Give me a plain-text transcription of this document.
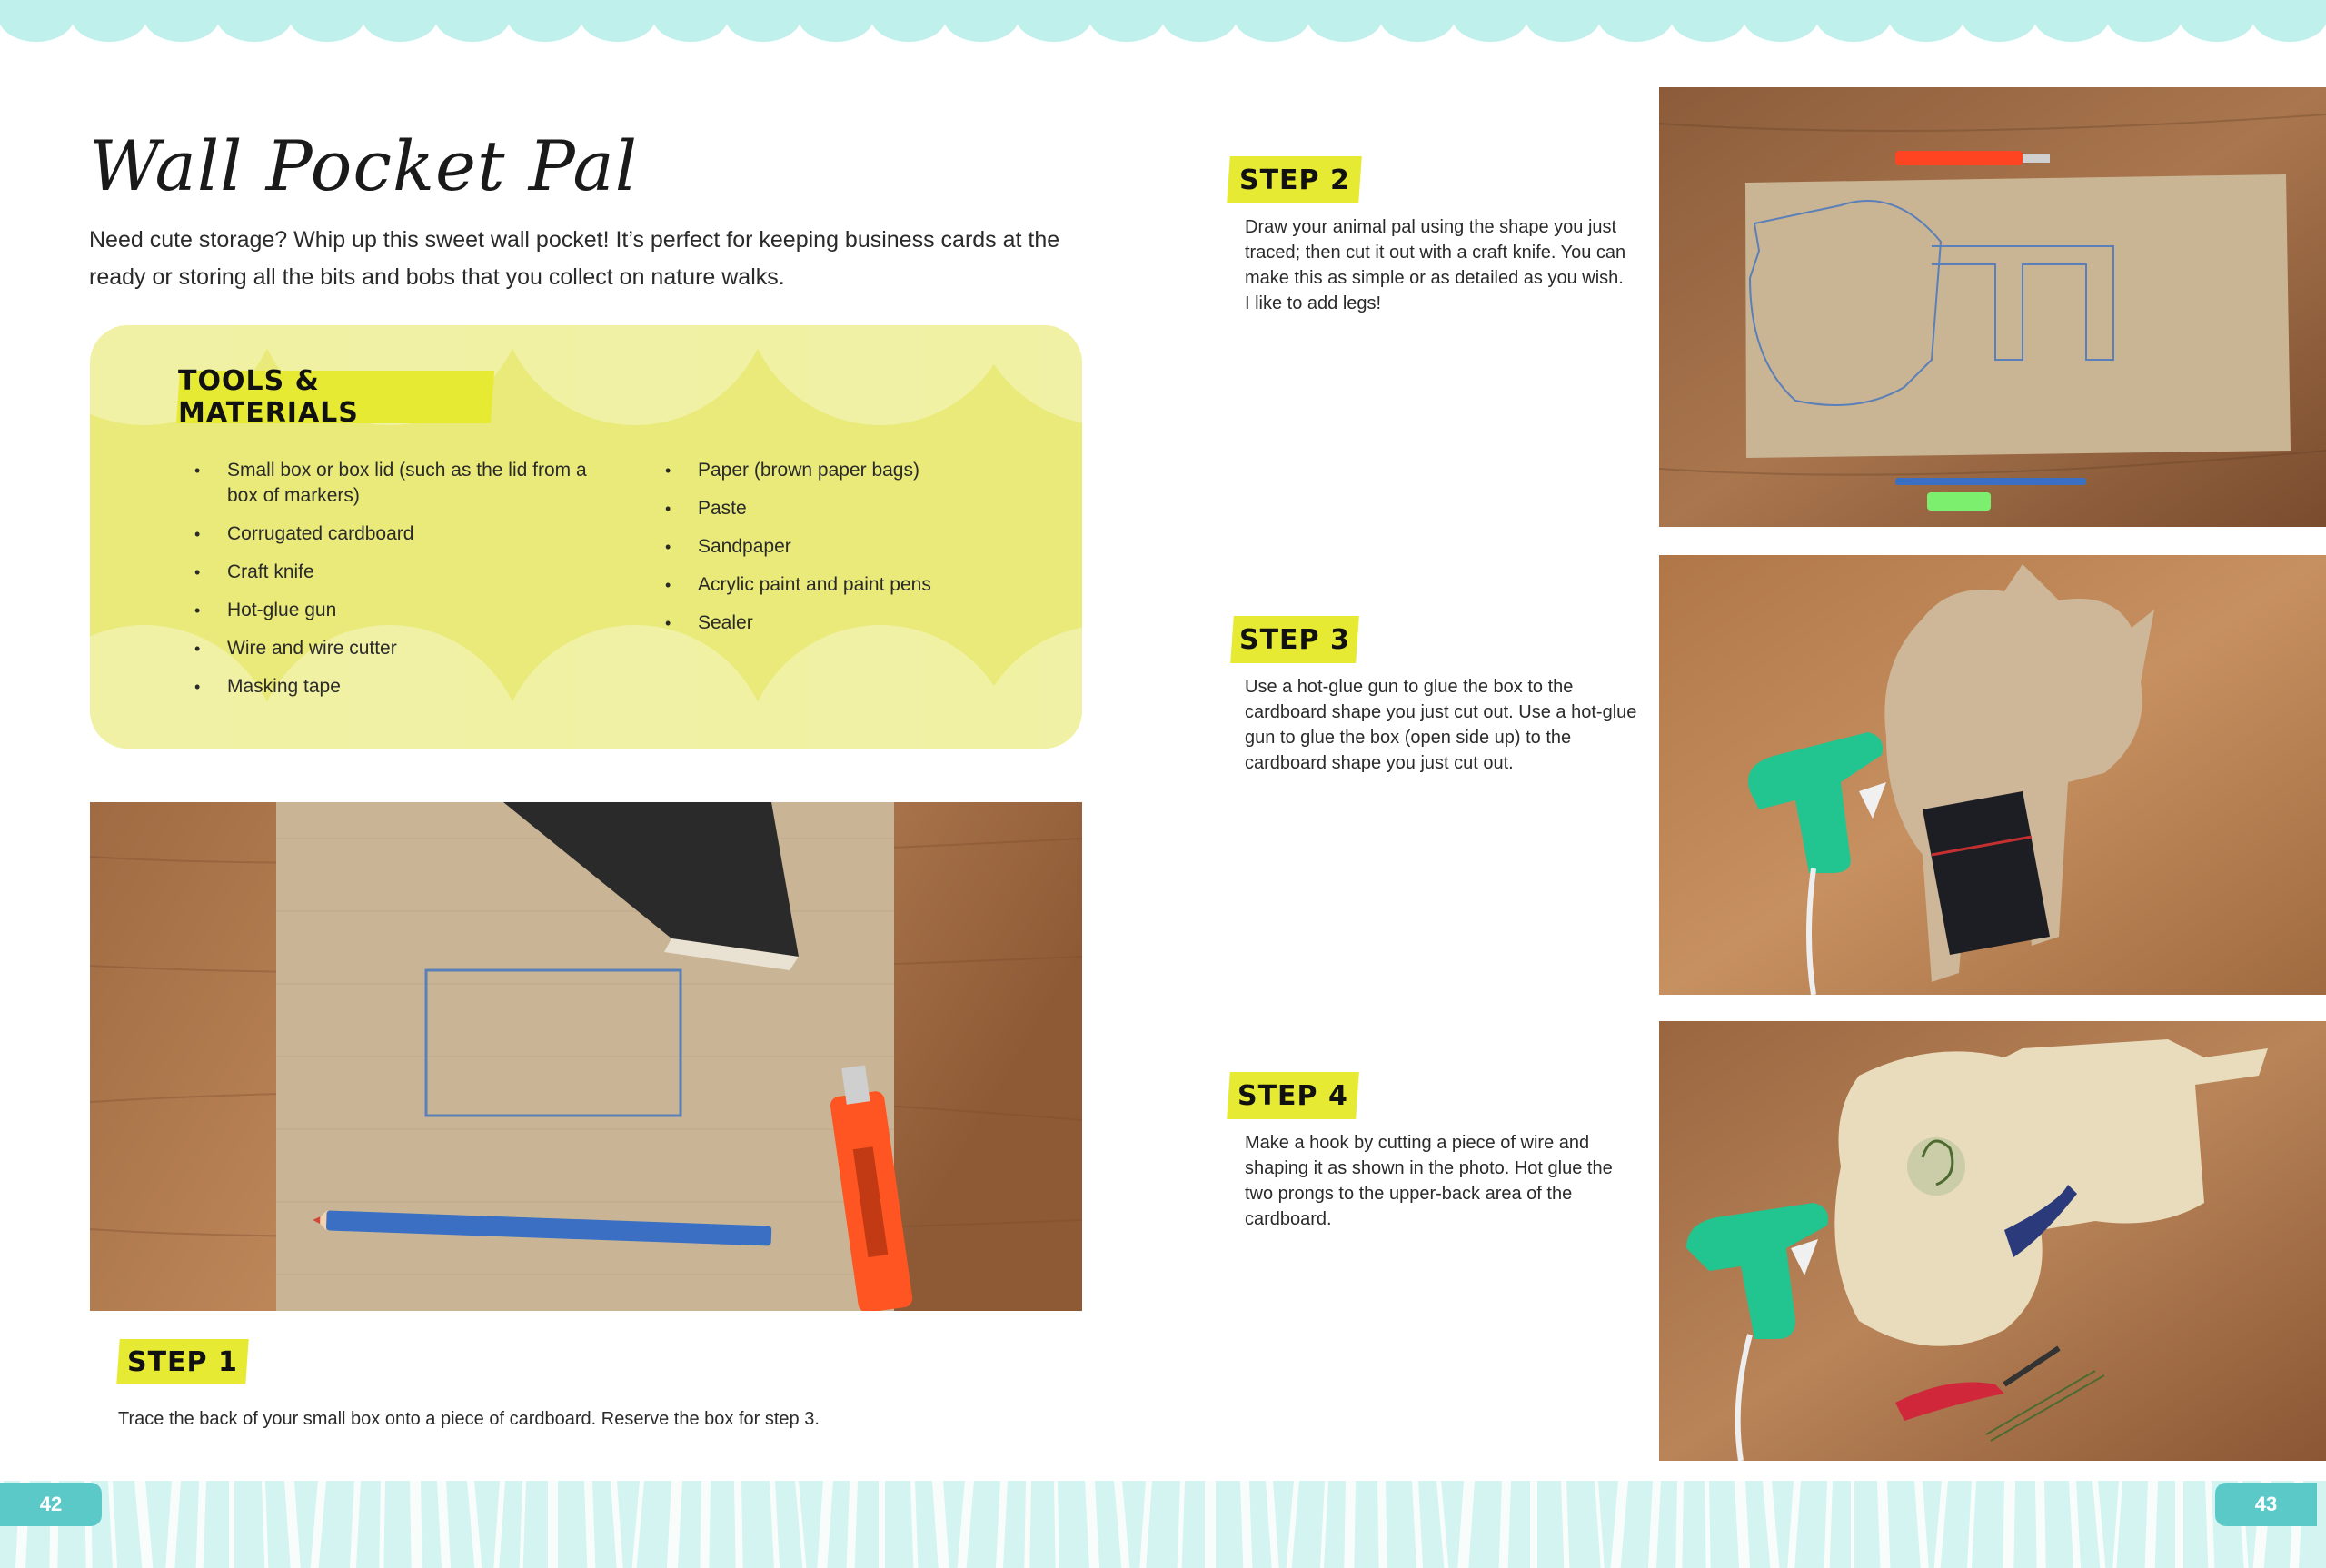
42	43
Wall Pocket Pal
Need cute storage? Whip up this sweet wall pocket! It’s perfect for keeping business cards at the ready or storing all the bits and bobs that you collect on nature walks.
TOOLS & MATERIALS
• Small box or box lid (such as the lid from a box of markers)
• Corrugated cardboard
• Craft knife
• Hot-glue gun
• Wire and wire cutter
• Masking tape
• Paper (brown paper bags)
• Paste
• Sandpaper
• Acrylic paint and paint pens
• Sealer
STEP 1
Trace the back of your small box onto a piece of cardboard. Reserve the box for step 3.
STEP 2
Draw your animal pal using the shape you just traced; then cut it out with a craft knife. You can make this as simple or as detailed as you wish. I like to add legs!
STEP 3
Use a hot-glue gun to glue the box to the cardboard shape you just cut out. Use a hot-glue gun to glue the box (open side up) to the cardboard shape you just cut out.
STEP 4
Make a hook by cutting a piece of wire and shaping it as shown in the photo. Hot glue the two prongs to the upper-back area of the cardboard.
